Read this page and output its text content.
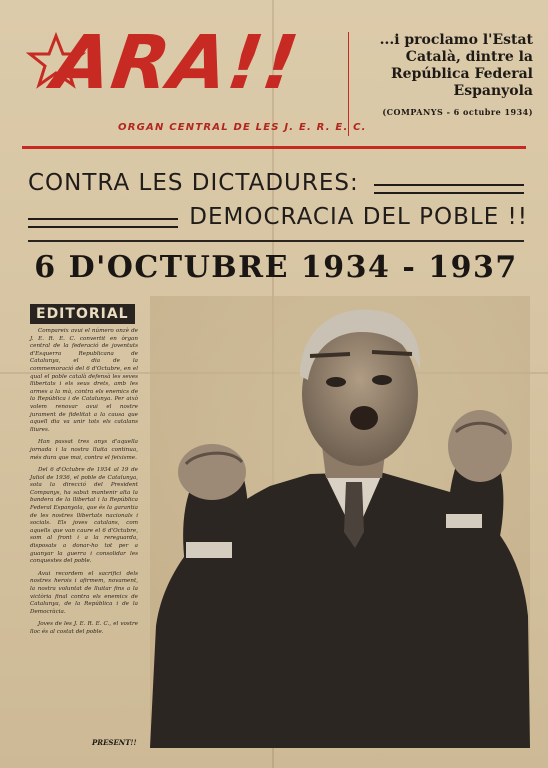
ARA!!
ORGAN CENTRAL DE LES J. E. R. E. C.
...i proclamo l'Estat
Català, dintre la
República Federal
Espanyola
(COMPANYS - 6 octubre 1934)
CONTRA LES DICTADURES:
DEMOCRACIA DEL POBLE !!
6 D'OCTUBRE 1934 - 1937
EDITORIAL

Compareix avui el número onzè de J. E. R. E. C. convertit en òrgan central de la federació de joventuts d'Esquerra Republicana de Catalunya, el dia de la commemoració del 6 d'Octubre, en el qual el poble català defensà les seves llibertats i els seus drets, amb les armes a la mà, contra els enemics de la República i de Catalunya. Per això volem renovar avui el nostre jurament de fidelitat a la causa que aquell dia va unir tots els catalans lliures.

Han passat tres anys d'aquella jornada i la nostra lluita continua, més dura que mai, contra el feixisme.

Del 6 d'Octubre de 1934 al 19 de Juliol de 1936, el poble de Catalunya, sota la direcció del President Companys, ha sabut mantenir alta la bandera de la llibertat i la República Federal Espanyola, que és la garantia de les nostres llibertats nacionals i socials. Els joves catalans, com aquells que van caure el 6 d'Octubre, som al front i a la rereguarda, disposats a donar-ho tot per a guanyar la guerra i consolidar les conquestes del poble.

Avui recordem el sacrifici dels nostres herois i afirmem, novament, la nostra voluntat de lluitar fins a la victòria final contra els enemics de Catalunya, de la República i de la Democràcia.

Joves de les J. E. R. E. C., el vostre lloc és al costat del poble.

PRESENT!!
